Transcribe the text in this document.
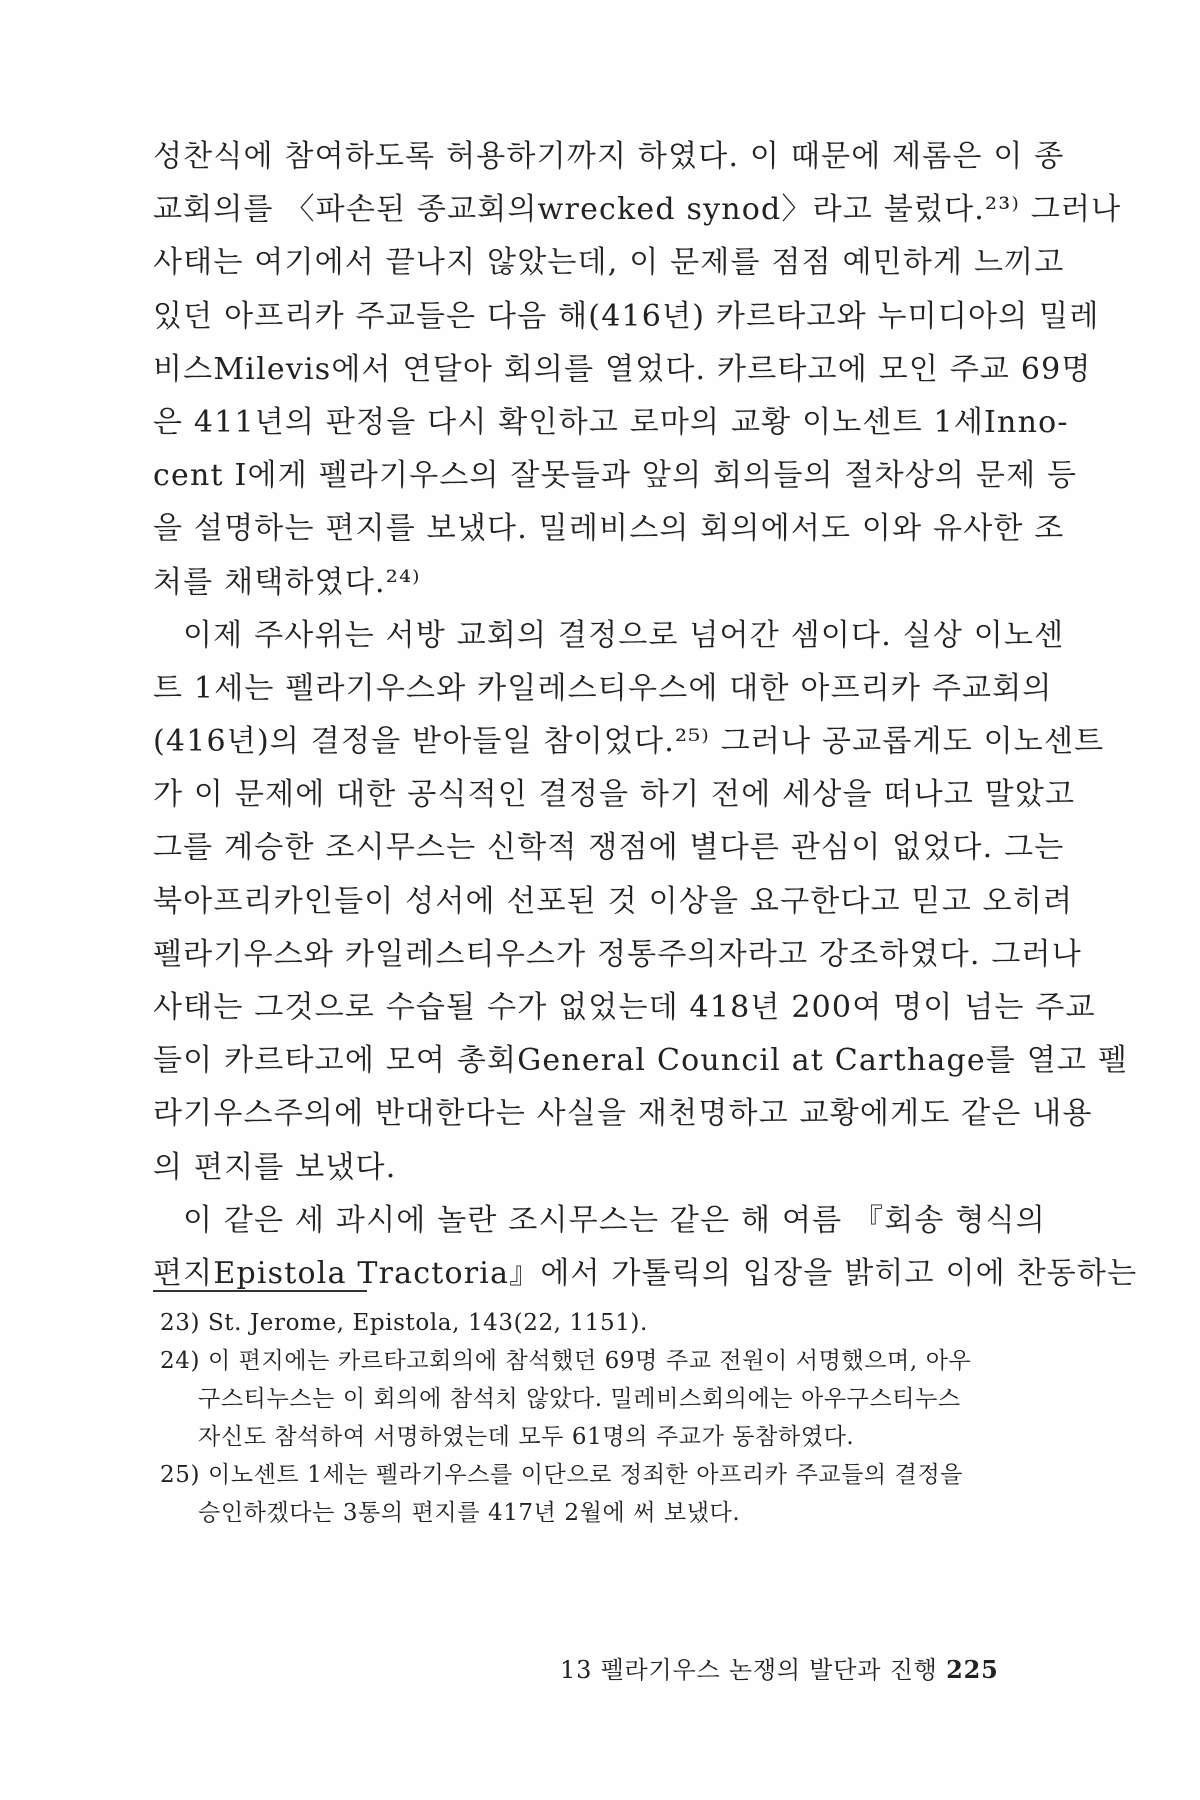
성찬식에 참여하도록 허용하기까지 하였다. 이 때문에 제롬은 이 종
교회의를 〈파손된 종교회의wrecked synod〉라고 불렀다.²³⁾ 그러나
사태는 여기에서 끝나지 않았는데, 이 문제를 점점 예민하게 느끼고
있던 아프리카 주교들은 다음 해(416년) 카르타고와 누미디아의 밀레
비스Milevis에서 연달아 회의를 열었다. 카르타고에 모인 주교 69명
은 411년의 판정을 다시 확인하고 로마의 교황 이노센트 1세Inno-
cent I에게 펠라기우스의 잘못들과 앞의 회의들의 절차상의 문제 등
을 설명하는 편지를 보냈다. 밀레비스의 회의에서도 이와 유사한 조
처를 채택하였다.²⁴⁾
이제 주사위는 서방 교회의 결정으로 넘어간 셈이다. 실상 이노센
트 1세는 펠라기우스와 카일레스티우스에 대한 아프리카 주교회의
(416년)의 결정을 받아들일 참이었다.²⁵⁾ 그러나 공교롭게도 이노센트
가 이 문제에 대한 공식적인 결정을 하기 전에 세상을 떠나고 말았고
그를 계승한 조시무스는 신학적 쟁점에 별다른 관심이 없었다. 그는
북아프리카인들이 성서에 선포된 것 이상을 요구한다고 믿고 오히려
펠라기우스와 카일레스티우스가 정통주의자라고 강조하였다. 그러나
사태는 그것으로 수습될 수가 없었는데 418년 200여 명이 넘는 주교
들이 카르타고에 모여 총회General Council at Carthage를 열고 펠
라기우스주의에 반대한다는 사실을 재천명하고 교황에게도 같은 내용
의 편지를 보냈다.
이 같은 세 과시에 놀란 조시무스는 같은 해 여름 『회송 형식의
편지Epistola Tractoria』에서 가톨릭의 입장을 밝히고 이에 찬동하는
23) St. Jerome, Epistola, 143(22, 1151).
24) 이 편지에는 카르타고회의에 참석했던 69명 주교 전원이 서명했으며, 아우
구스티누스는 이 회의에 참석치 않았다. 밀레비스회의에는 아우구스티누스
자신도 참석하여 서명하였는데 모두 61명의 주교가 동참하였다.
25) 이노센트 1세는 펠라기우스를 이단으로 정죄한 아프리카 주교들의 결정을
승인하겠다는 3통의 편지를 417년 2월에 써 보냈다.
13 펠라기우스 논쟁의 발단과 진행 225
